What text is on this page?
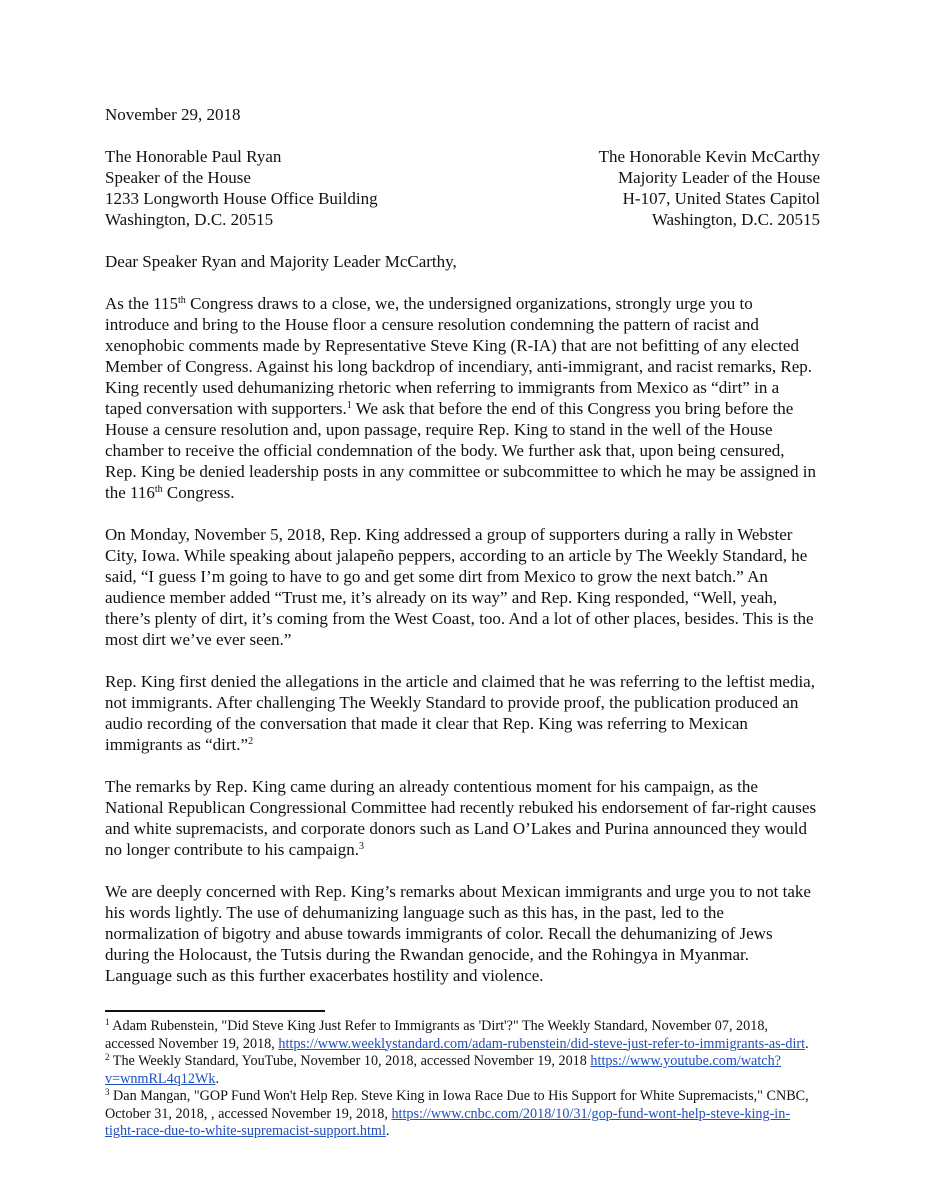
November 29, 2018
The Honorable Paul Ryan
Speaker of the House
1233 Longworth House Office Building
Washington, D.C. 20515
The Honorable Kevin McCarthy
Majority Leader of the House
H-107, United States Capitol
Washington, D.C. 20515
Dear Speaker Ryan and Majority Leader McCarthy,

As the 115th Congress draws to a close, we, the undersigned organizations, strongly urge you to introduce and bring to the House floor a censure resolution condemning the pattern of racist and xenophobic comments made by Representative Steve King (R-IA) that are not befitting of any elected Member of Congress. Against his long backdrop of incendiary, anti-immigrant, and racist remarks, Rep. King recently used dehumanizing rhetoric when referring to immigrants from Mexico as “dirt” in a taped conversation with supporters.$^1$ We ask that before the end of this Congress you bring before the House a censure resolution and, upon passage, require Rep. King to stand in the well of the House chamber to receive the official condemnation of the body. We further ask that, upon being censured, Rep. King be denied leadership posts in any committee or subcommittee to which he may be assigned in the 116th Congress.

On Monday, November 5, 2018, Rep. King addressed a group of supporters during a rally in Webster City, Iowa. While speaking about jalapeño peppers, according to an article by The Weekly Standard, he said, “I guess I’m going to have to go and get some dirt from Mexico to grow the next batch.” An audience member added “Trust me, it’s already on its way” and Rep. King responded, “Well, yeah, there’s plenty of dirt, it’s coming from the West Coast, too. And a lot of other places, besides. This is the most dirt we’ve ever seen.”

Rep. King first denied the allegations in the article and claimed that he was referring to the leftist media, not immigrants. After challenging The Weekly Standard to provide proof, the publication produced an audio recording of the conversation that made it clear that Rep. King was referring to Mexican immigrants as “dirt.”$^2$

The remarks by Rep. King came during an already contentious moment for his campaign, as the National Republican Congressional Committee had recently rebuked his endorsement of far-right causes and white supremacists, and corporate donors such as Land O’Lakes and Purina announced they would no longer contribute to his campaign.$^3$

We are deeply concerned with Rep. King’s remarks about Mexican immigrants and urge you to not take his words lightly. The use of dehumanizing language such as this has, in the past, led to the normalization of bigotry and abuse towards immigrants of color. Recall the dehumanizing of Jews during the Holocaust, the Tutsis during the Rwandan genocide, and the Rohingya in Myanmar. Language such as this further exacerbates hostility and violence.

$^1$ Adam Rubenstein, "Did Steve King Just Refer to Immigrants as 'Dirt'?" The Weekly Standard, November 07, 2018, accessed November 19, 2018, https://www.weeklystandard.com/adam-rubenstein/did-steve-just-refer-to-immigrants-as-dirt.

$^2$ The Weekly Standard, YouTube, November 10, 2018, accessed November 19, 2018 https://www.youtube.com/watch?v=wnmRL4q12Wk.

$^3$ Dan Mangan, "GOP Fund Won't Help Rep. Steve King in Iowa Race Due to His Support for White Supremacists," CNBC, October 31, 2018, , accessed November 19, 2018, https://www.cnbc.com/2018/10/31/gop-fund-wont-help-steve-king-in-tight-race-due-to-white-supremacist-support.html.
